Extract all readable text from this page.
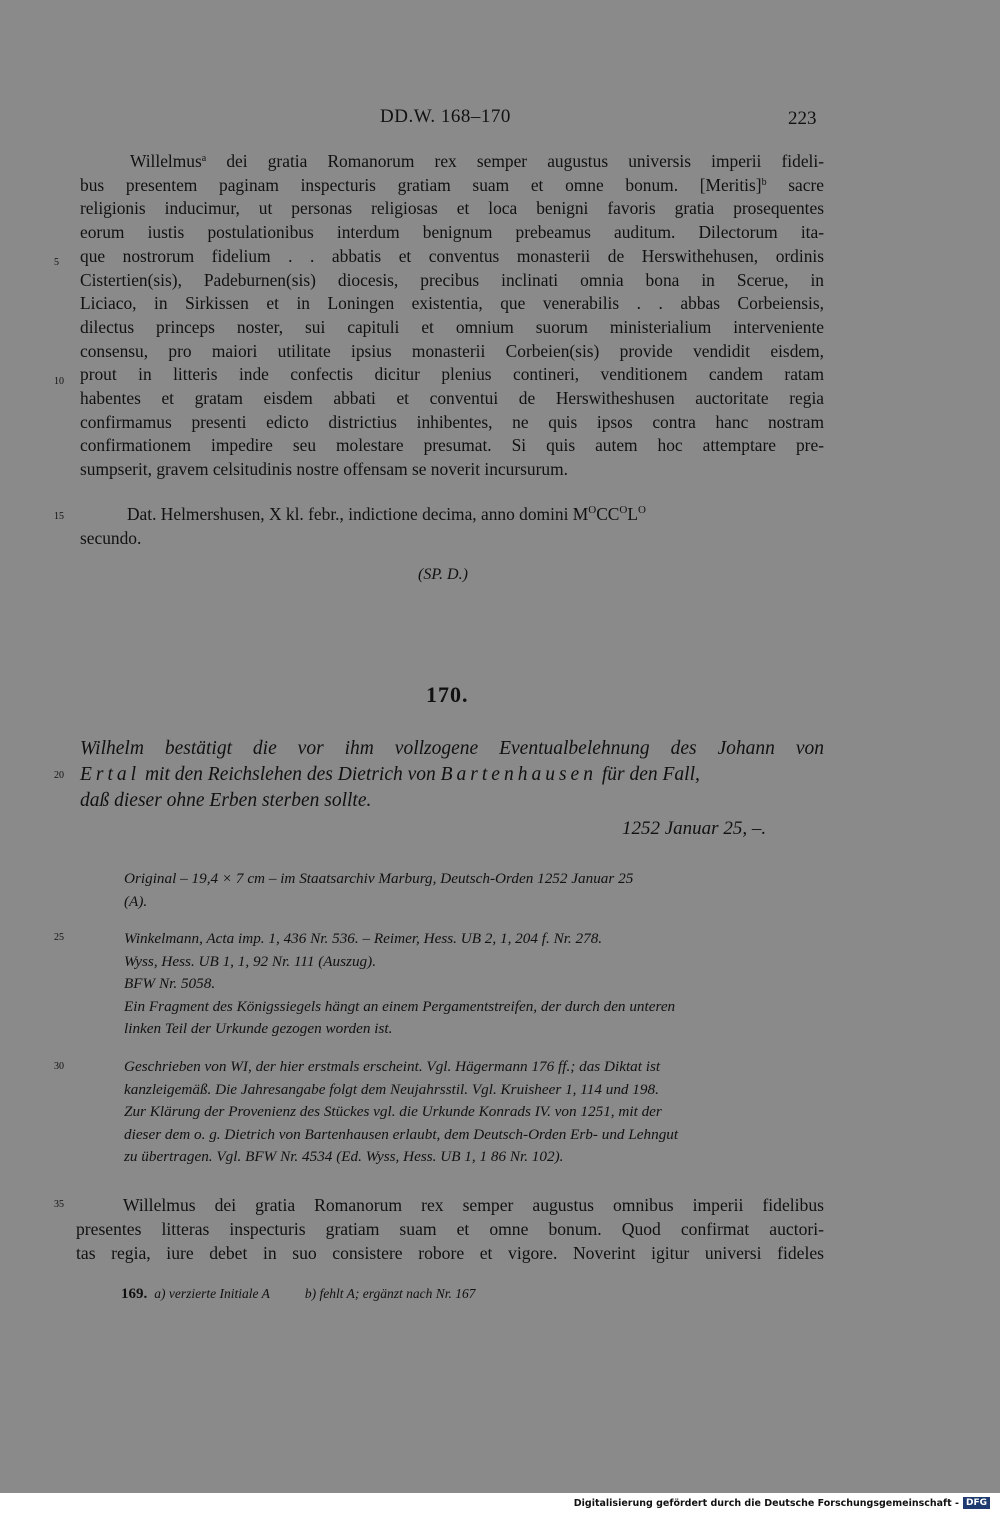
DD.W. 168–170	223
Willelmus$^a$ dei gratia Romanorum rex semper augustus universis imperii fideli-
bus presentem paginam inspecturis gratiam suam et omne bonum. [Meritis]$^b$ sacre
religionis inducimur, ut personas religiosas et loca benigni favoris gratia prosequentes
eorum iustis postulationibus interdum benignum prebeamus auditum. Dilectorum ita-
que nostrorum fidelium . . abbatis et conventus monasterii de Herswithehusen, ordinis
Cistertien(sis), Padeburnen(sis) diocesis, precibus inclinati omnia bona in Scerue, in
Liciaco, in Sirkissen et in Loningen existentia, que venerabilis . . abbas Corbeiensis,
dilectus princeps noster, sui capituli et omnium suorum ministerialium interveniente
consensu, pro maiori utilitate ipsius monasterii Corbeien(sis) provide vendidit eisdem,
prout in litteris inde confectis dicitur plenius contineri, venditionem candem ratam
habentes et gratam eisdem abbati et conventui de Herswitheshusen auctoritate regia
confirmamus presenti edicto districtius inhibentes, ne quis ipsos contra hanc nostram
confirmationem impedire seu molestare presumat. Si quis autem hoc attemptare pre-
sumpserit, gravem celsitudinis nostre offensam se noverit incursurum.
5
10
Dat. Helmershusen, X kl. febr., indictione decima, anno domini $M^OCC^OL^O$
secundo.
15
(SP. D.)
170.
Wilhelm bestätigt die vor ihm vollzogene Eventualbelehnung des Johann von
Ertal mit den Reichslehen des Dietrich von Bartenhausen für den Fall,
daß dieser ohne Erben sterben sollte.
20
1252 Januar 25, –.
Original – 19,4 × 7 cm – im Staatsarchiv Marburg, Deutsch-Orden 1252 Januar 25
(A).
Winkelmann, Acta imp. 1, 436 Nr. 536. – Reimer, Hess. UB 2, 1, 204 f. Nr. 278.
Wyss, Hess. UB 1, 1, 92 Nr. 111 (Auszug).
BFW Nr. 5058.
Ein Fragment des Königssiegels hängt an einem Pergamentstreifen, der durch den unteren
linken Teil der Urkunde gezogen worden ist.
25
Geschrieben von WI, der hier erstmals erscheint. Vgl. Hägermann 176 ff.; das Diktat ist
kanzleigemäß. Die Jahresangabe folgt dem Neujahrsstil. Vgl. Kruisheer 1, 114 und 198.
Zur Klärung der Provenienz des Stückes vgl. die Urkunde Konrads IV. von 1251, mit der
dieser dem o. g. Dietrich von Bartenhausen erlaubt, dem Deutsch-Orden Erb- und Lehngut
zu übertragen. Vgl. BFW Nr. 4534 (Ed. Wyss, Hess. UB 1, 1 86 Nr. 102).
30
Willelmus dei gratia Romanorum rex semper augustus omnibus imperii fidelibus
presentes litteras inspecturis gratiam suam et omne bonum. Quod confirmat auctori-
tas regia, iure debet in suo consistere robore et vigore. Noverint igitur universi fideles
35
169. a) verzierte Initiale A	b) fehlt A; ergänzt nach Nr. 167
Digitalisierung gefördert durch die Deutsche Forschungsgemeinschaft - DFG
